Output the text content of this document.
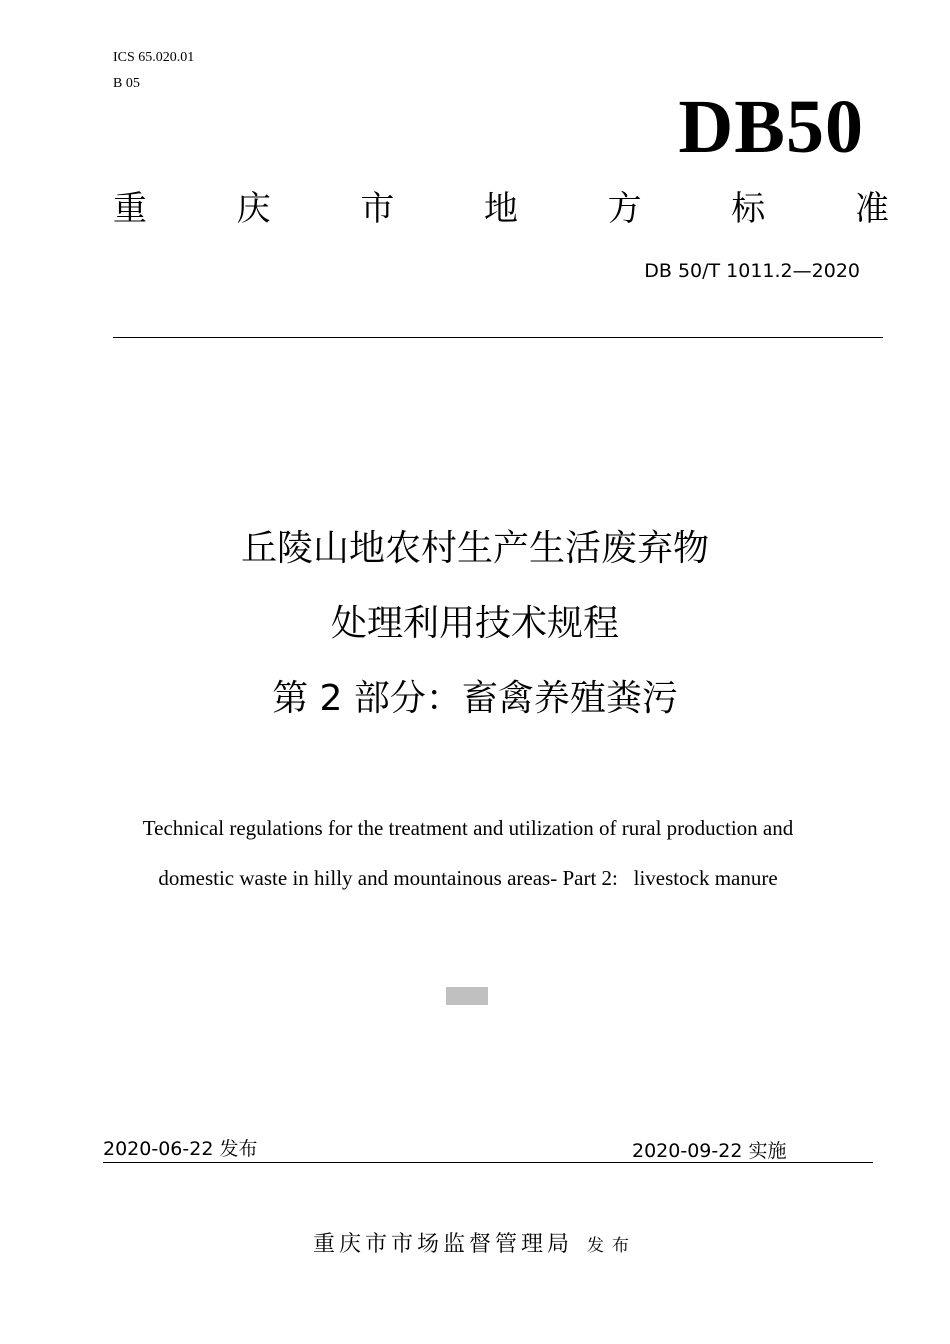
ICS 65.020.01
B 05
DB50
重	庆	市	地	方	标	准
DB 50/T 1011.2—2020
丘陵山地农村生产生活废弃物
处理利用技术规程
第 2 部分：畜禽养殖粪污
Technical regulations for the treatment and utilization of rural production and
domestic waste in hilly and mountainous areas- Part 2:   livestock manure
2020-06-22 发布	2020-09-22 实施
重庆市市场监督管理局 发布
